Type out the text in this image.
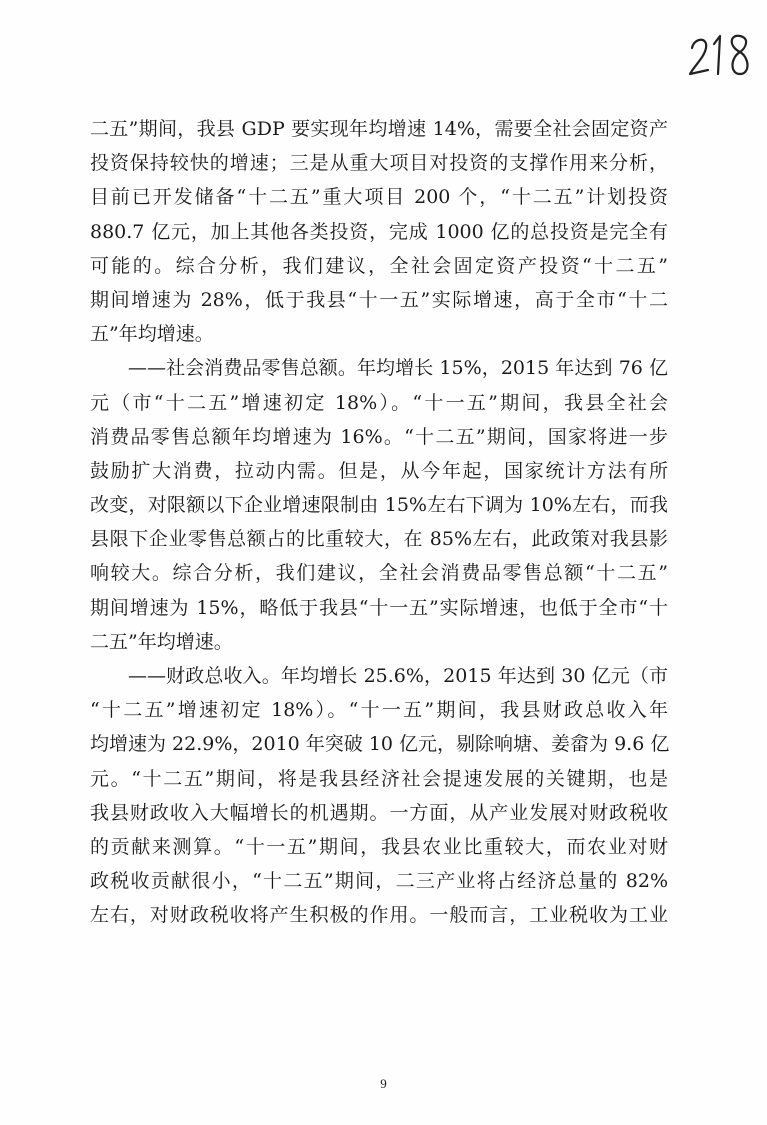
二五”期间，我县 GDP 要实现年均增速 14%，需要全社会固定资产
投资保持较快的增速；三是从重大项目对投资的支撑作用来分析，
目前已开发储备“十二五”重大项目 200 个，“十二五”计划投资
880.7 亿元，加上其他各类投资，完成 1000 亿的总投资是完全有
可能的。综合分析，我们建议，全社会固定资产投资“十二五”
期间增速为 28%，低于我县“十一五”实际增速，高于全市“十二
五”年均增速。
——社会消费品零售总额。年均增长 15%，2015 年达到 76 亿
元（市“十二五”增速初定 18%）。“十一五”期间，我县全社会
消费品零售总额年均增速为 16%。“十二五”期间，国家将进一步
鼓励扩大消费，拉动内需。但是，从今年起，国家统计方法有所
改变，对限额以下企业增速限制由 15%左右下调为 10%左右，而我
县限下企业零售总额占的比重较大，在 85%左右，此政策对我县影
响较大。综合分析，我们建议，全社会消费品零售总额“十二五”
期间增速为 15%，略低于我县“十一五”实际增速，也低于全市“十
二五”年均增速。
——财政总收入。年均增长 25.6%，2015 年达到 30 亿元（市
“十二五”增速初定 18%）。“十一五”期间，我县财政总收入年
均增速为 22.9%，2010 年突破 10 亿元，剔除响塘、姜畲为 9.6 亿
元。“十二五”期间，将是我县经济社会提速发展的关键期，也是
我县财政收入大幅增长的机遇期。一方面，从产业发展对财政税收
的贡献来测算。“十一五”期间，我县农业比重较大，而农业对财
政税收贡献很小，“十二五”期间，二三产业将占经济总量的 82%
左右，对财政税收将产生积极的作用。一般而言，工业税收为工业
9
